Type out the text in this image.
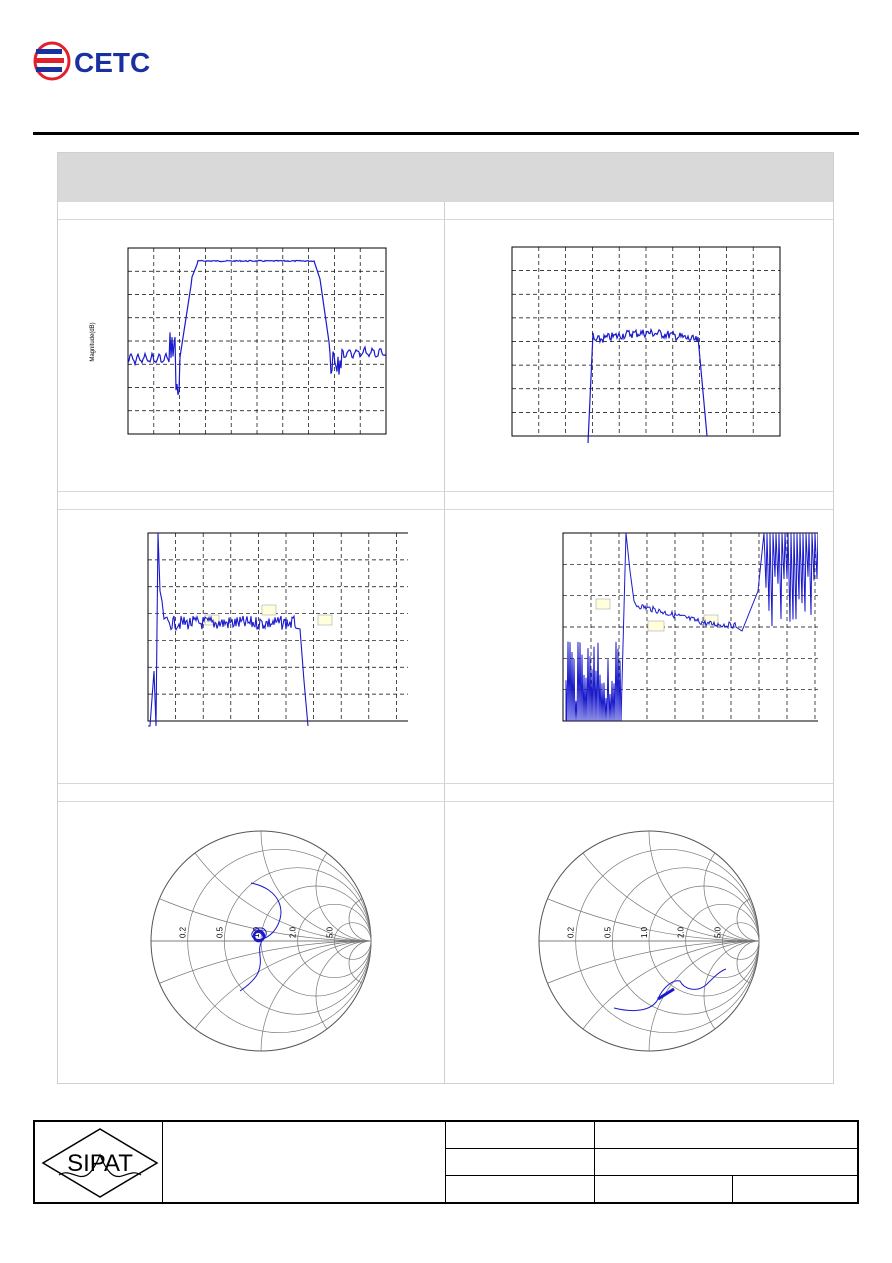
CETC
Magnitude(dB)
0.2	0.5	1.0	2.0	5.0	0.2	0.5	1.0	2.0	5.0
SIPAT
